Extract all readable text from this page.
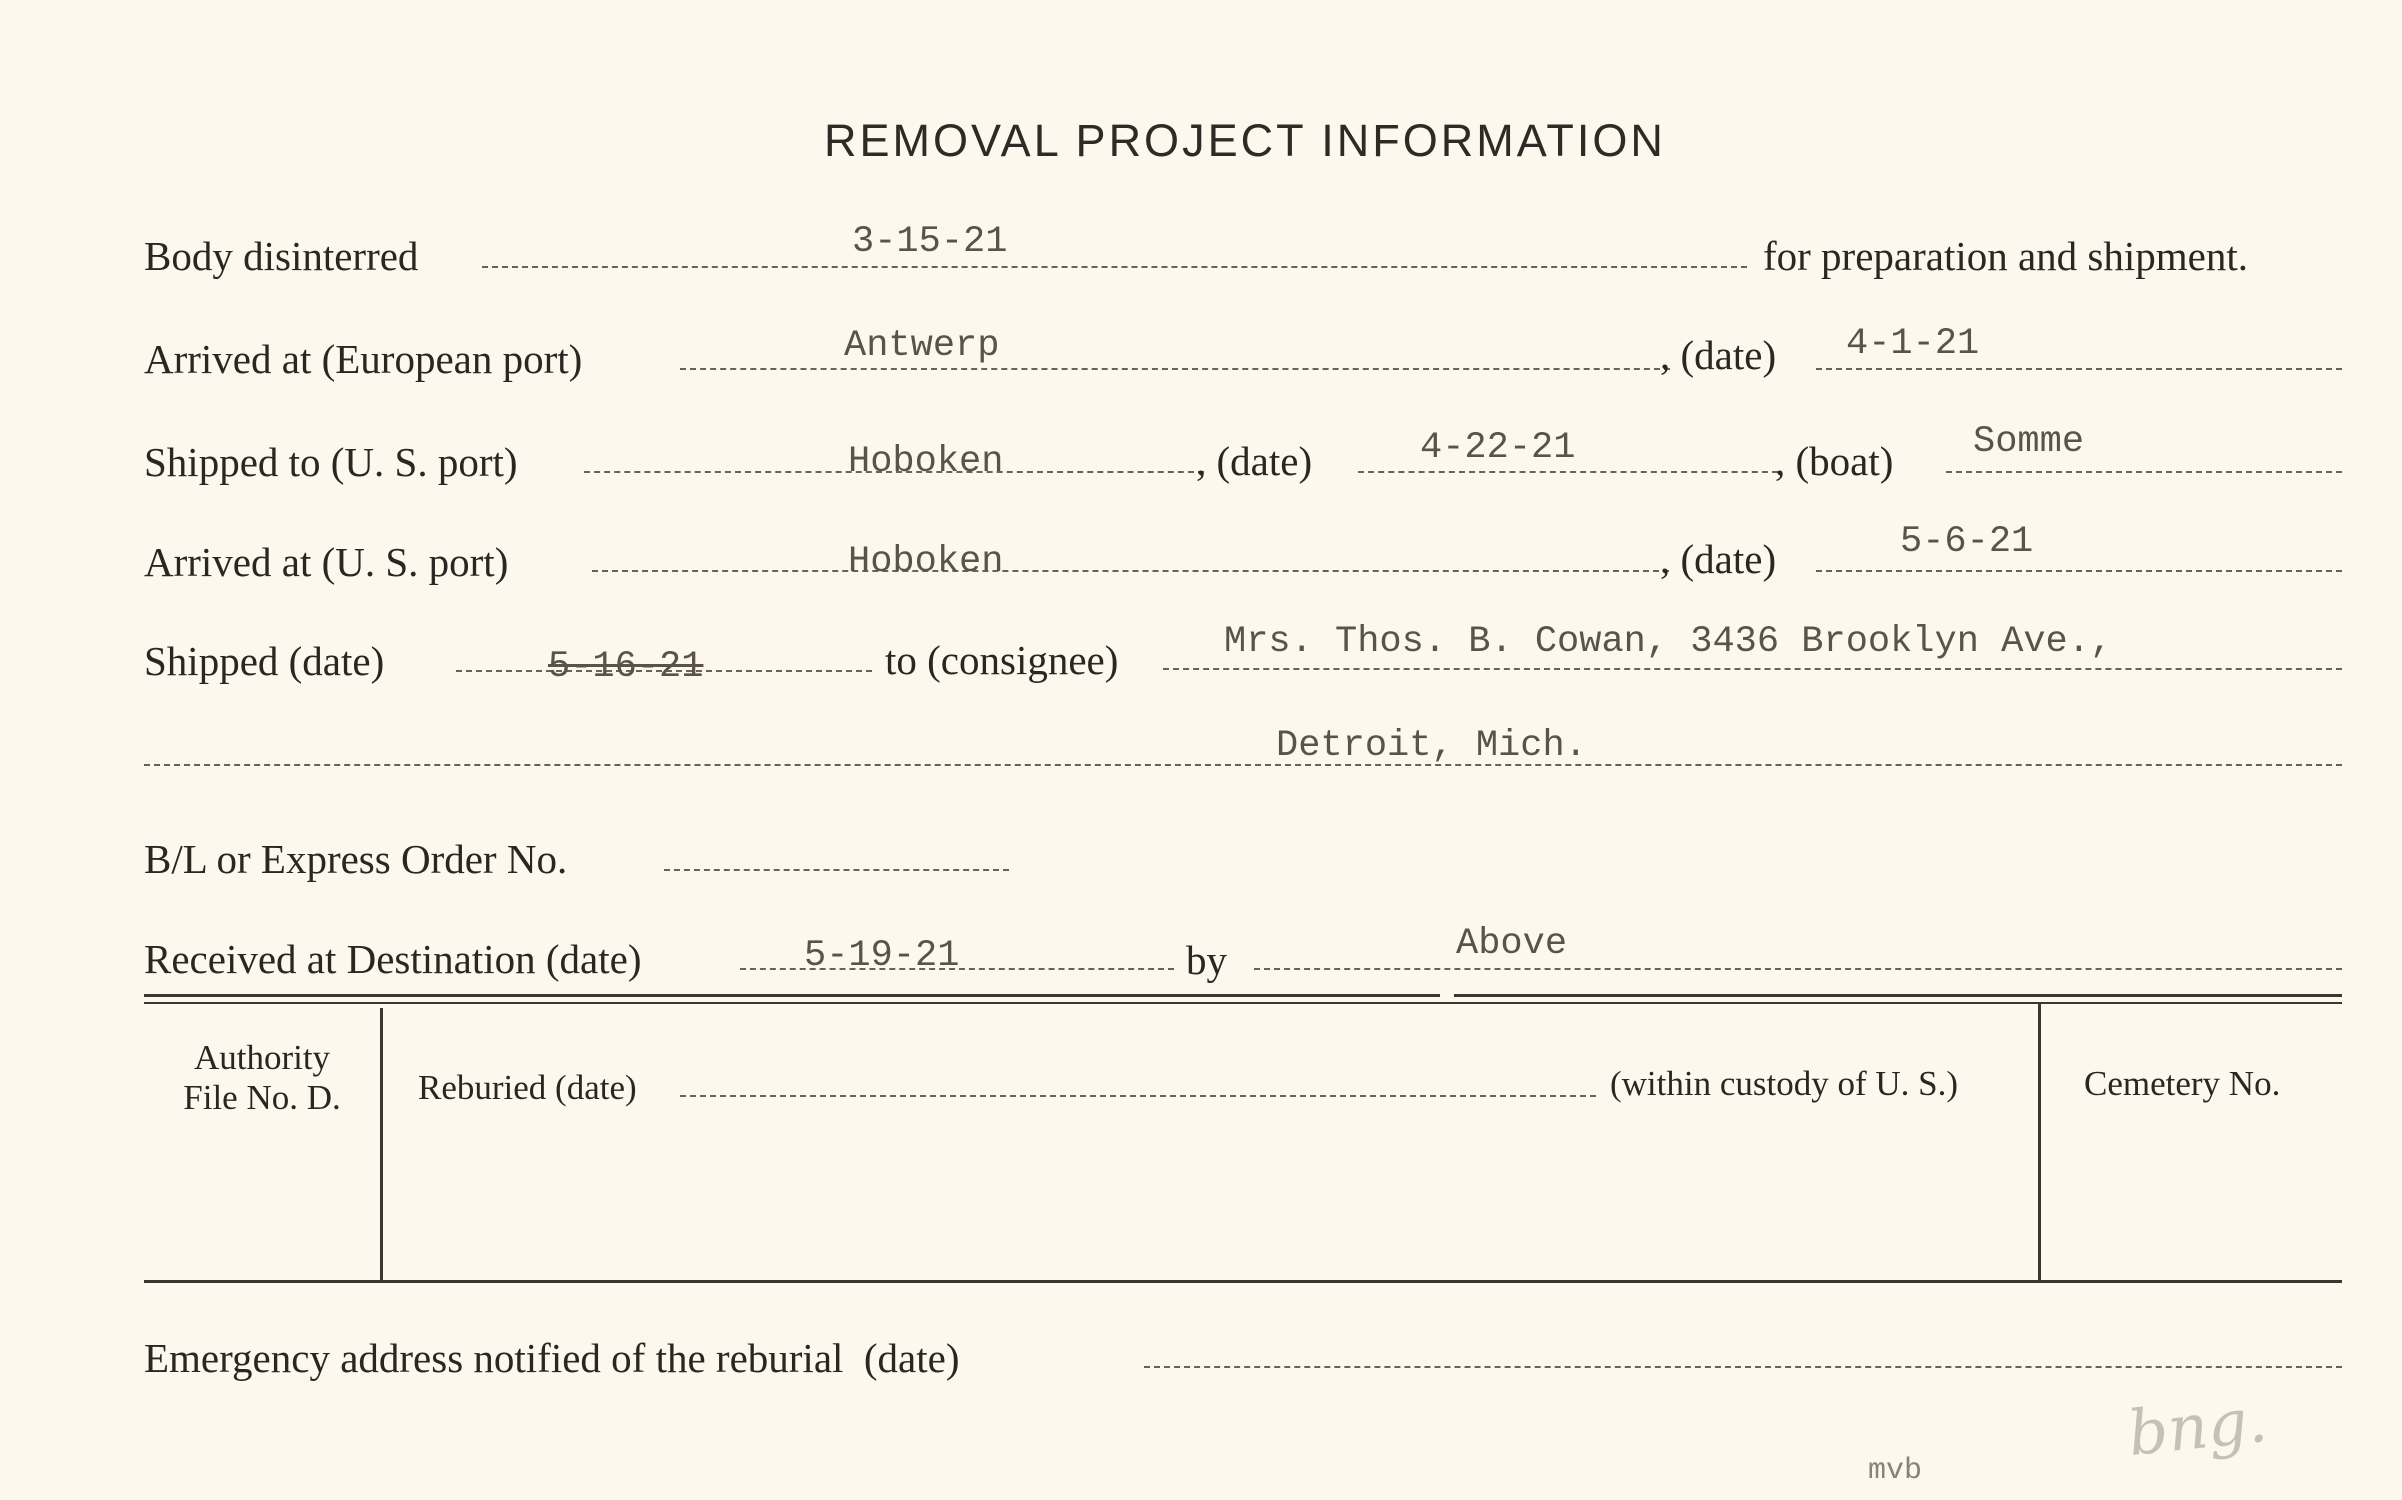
REMOVAL PROJECT INFORMATION
Body disinterred	3-15-21	for preparation and shipment.
Arrived at (European port)	Antwerp	, (date) 4-1-21
Shipped to (U. S. port)	Hoboken	, (date)	4-22-21	, (boat) Somme
Arrived at (U. S. port)	Hoboken	, (date)	5-6-21
Shipped (date)	5-16-21	to (consignee)	Mrs. Thos. B. Cowan, 3436 Brooklyn Ave.,
Detroit, Mich.
B/L or Express Order No.
Received at Destination (date)	5-19-21	by	Above
Authority
File No. D.	Reburied (date)	(within custody of U. S.)	Cemetery No.
Emergency address notified of the reburial  (date)
mvb
bng.
